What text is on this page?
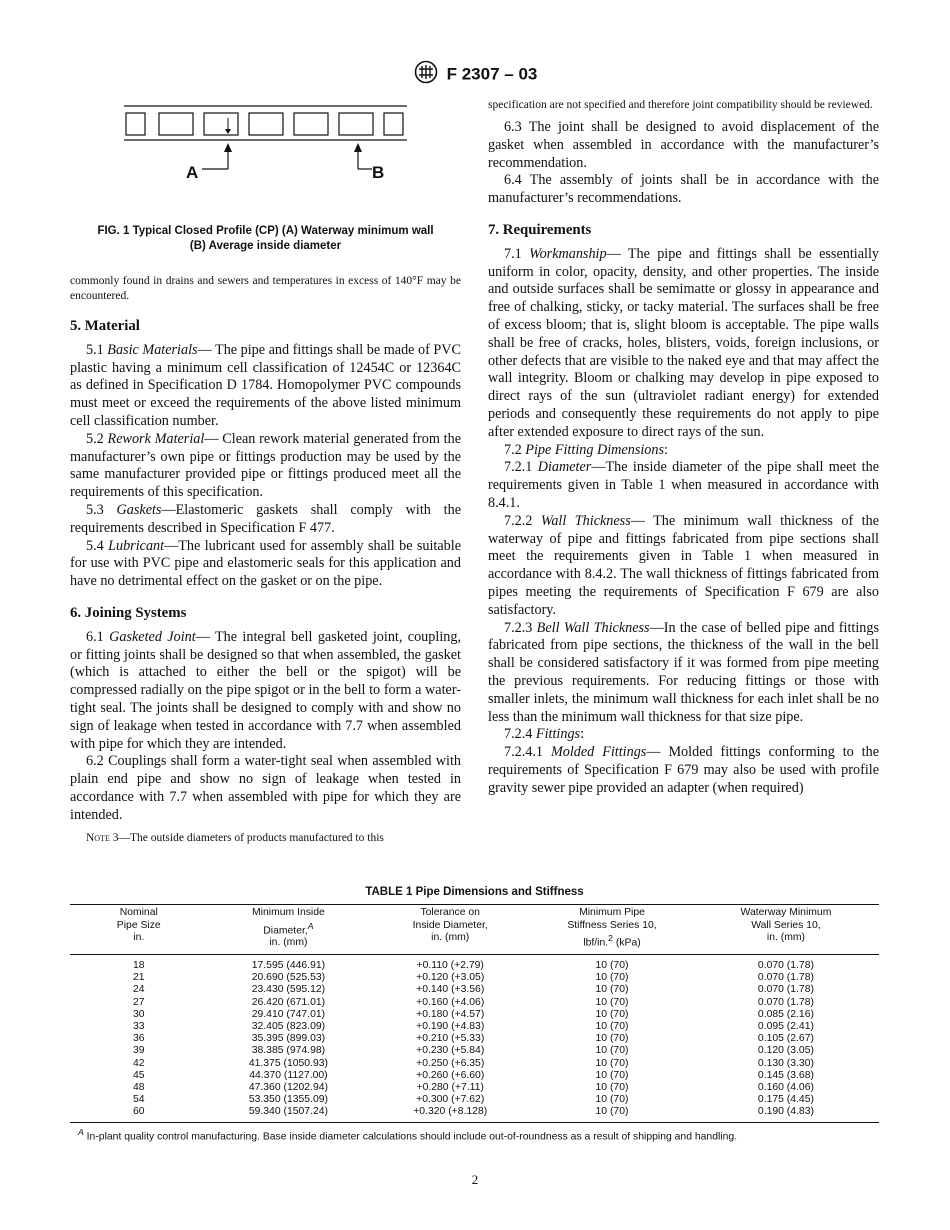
F 2307 – 03
A	B

FIG. 1 Typical Closed Profile (CP) (A) Waterway minimum wall
(B) Average inside diameter

commonly found in drains and sewers and temperatures in excess of 140°F may be encountered.

5. Material

5.1 Basic Materials— The pipe and fittings shall be made of PVC plastic having a minimum cell classification of 12454C or 12364C as defined in Specification D 1784. Homopolymer PVC compounds must meet or exceed the requirements of the above listed minimum cell classification number.

5.2 Rework Material— Clean rework material generated from the manufacturer’s own pipe or fittings production may be used by the same manufacturer provided pipe or fittings produced meet all the requirements of this specification.

5.3 Gaskets—Elastomeric gaskets shall comply with the requirements described in Specification F 477.

5.4 Lubricant—The lubricant used for assembly shall be suitable for use with PVC pipe and elastomeric seals for this application and have no detrimental effect on the gasket or on the pipe.

6. Joining Systems

6.1 Gasketed Joint— The integral bell gasketed joint, coupling, or fitting joints shall be designed so that when assembled, the gasket (which is attached to either the bell or the spigot) will be compressed radially on the pipe spigot or in the bell to form a water-tight seal. The joints shall be designed to comply with and show no sign of leakage when tested in accordance with 7.7 when assembled with pipe for which they are intended.

6.2 Couplings shall form a water-tight seal when assembled with plain end pipe and show no sign of leakage when tested in accordance with 7.7 when assembled with pipe for which they are intended.

Note 3—The outside diameters of products manufactured to this

specification are not specified and therefore joint compatibility should be reviewed.

6.3 The joint shall be designed to avoid displacement of the gasket when assembled in accordance with the manufacturer’s recommendation.

6.4 The assembly of joints shall be in accordance with the manufacturer’s recommendations.

7. Requirements

7.1 Workmanship— The pipe and fittings shall be essentially uniform in color, opacity, density, and other properties. The inside and outside surfaces shall be semimatte or glossy in appearance and free of chalking, sticky, or tacky material. The surfaces shall be free of excess bloom; that is, slight bloom is acceptable. The pipe walls shall be free of cracks, holes, blisters, voids, foreign inclusions, or other defects that are visible to the naked eye and that may affect the wall integrity. Bloom or chalking may develop in pipe exposed to direct rays of the sun (ultraviolet radiant energy) for extended periods and consequently these requirements do not apply to pipe after extended exposure to direct rays of the sun.

7.2 Pipe Fitting Dimensions:

7.2.1 Diameter—The inside diameter of the pipe shall meet the requirements given in Table 1 when measured in accordance with 8.4.1.

7.2.2 Wall Thickness— The minimum wall thickness of the waterway of pipe and fittings fabricated from pipe sections shall meet the requirements given in Table 1 when measured in accordance with 8.4.2. The wall thickness of fittings fabricated from pipes meeting the requirements of Specification F 679 are also satisfactory.

7.2.3 Bell Wall Thickness—In the case of belled pipe and fittings fabricated from pipe sections, the thickness of the wall in the bell shall be considered satisfactory if it was formed from pipe meeting the previous requirements. For reducing fittings or those with smaller inlets, the minimum wall thickness for each inlet shall be no less than the minimum wall thickness for that size pipe.

7.2.4 Fittings:

7.2.4.1 Molded Fittings— Molded fittings conforming to the requirements of Specification F 679 may also be used with profile gravity sewer pipe provided an adapter (when required)

TABLE 1 Pipe Dimensions and Stiffness
Nominal
Pipe Size
in.	Minimum Inside
Diameter,$^A$
in. (mm)	Tolerance on
Inside Diameter,
in. (mm)	Minimum Pipe
Stiffness Series 10,
lbf/in.$^2$ (kPa)	Waterway Minimum
Wall Series 10,
in. (mm)
18	17.595 (446.91)	+0.110 (+2.79)	10 (70)	0.070 (1.78)
21	20.690 (525.53)	+0.120 (+3.05)	10 (70)	0.070 (1.78)
24	23.430 (595.12)	+0.140 (+3.56)	10 (70)	0.070 (1.78)
27	26.420 (671.01)	+0.160 (+4.06)	10 (70)	0.070 (1.78)
30	29.410 (747.01)	+0.180 (+4.57)	10 (70)	0.085 (2.16)
33	32.405 (823.09)	+0.190 (+4.83)	10 (70)	0.095 (2.41)
36	35.395 (899.03)	+0.210 (+5.33)	10 (70)	0.105 (2.67)
39	38.385 (974.98)	+0.230 (+5.84)	10 (70)	0.120 (3.05)
42	41.375 (1050.93)	+0.250 (+6.35)	10 (70)	0.130 (3.30)
45	44.370 (1127.00)	+0.260 (+6.60)	10 (70)	0.145 (3.68)
48	47.360 (1202.94)	+0.280 (+7.11)	10 (70)	0.160 (4.06)
54	53.350 (1355.09)	+0.300 (+7.62)	10 (70)	0.175 (4.45)
60	59.340 (1507.24)	+0.320 (+8.128)	10 (70)	0.190 (4.83)
$^A$ In-plant quality control manufacturing. Base inside diameter calculations should include out-of-roundness as a result of shipping and handling.
2
